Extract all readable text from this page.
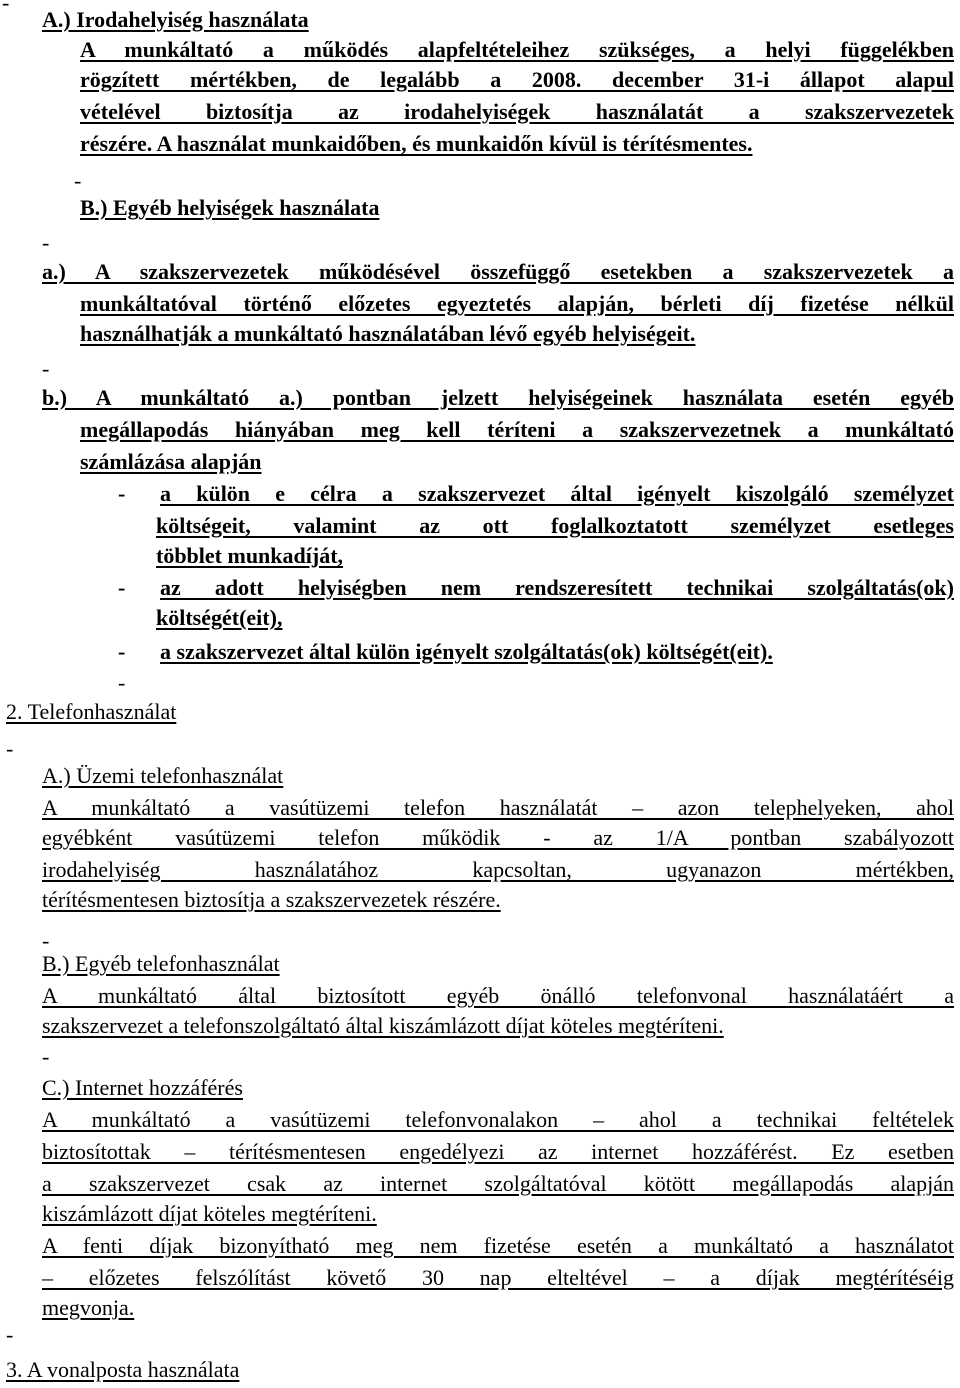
-
-
-
-
-
-
-
-
-
A.) Irodahelyiség használata
A munkáltató a működés alapfeltételeihez szükséges, a helyi függelékben
rögzített mértékben, de legalább a 2008. december 31-i állapot alapul
vételével biztosítja az irodahelyiségek használatát a szakszervezetek
részére. A használat munkaidőben, és munkaidőn kívül is térítésmentes.
B.) Egyéb helyiségek használata
a.) A szakszervezetek működésével összefüggő esetekben a szakszervezetek a
munkáltatóval történő előzetes egyeztetés alapján, bérleti díj fizetése nélkül
használhatják a munkáltató használatában lévő egyéb helyiségeit.
b.) A munkáltató a.) pontban jelzett helyiségeinek használata esetén egyéb
megállapodás hiányában meg kell téríteni a szakszervezetnek a munkáltató
számlázása alapján
- a külön e célra a szakszervezet által igényelt kiszolgáló személyzet
költségeit, valamint az ott foglalkoztatott személyzet esetleges
többlet munkadíját,
- az adott helyiségben nem rendszeresített technikai szolgáltatás(ok)
költségét(eit),
- a szakszervezet által külön igényelt szolgáltatás(ok) költségét(eit).
2. Telefonhasználat
A.) Üzemi telefonhasználat
A munkáltató a vasútüzemi telefon használatát – azon telephelyeken, ahol
egyébként vasútüzemi telefon működik - az 1/A pontban szabályozott
irodahelyiség használatához kapcsoltan, ugyanazon mértékben,
térítésmentesen biztosítja a szakszervezetek részére.
B.) Egyéb telefonhasználat
A munkáltató által biztosított egyéb önálló telefonvonal használatáért a
szakszervezet a telefonszolgáltató által kiszámlázott díjat köteles megtéríteni.
C.) Internet hozzáférés
A munkáltató a vasútüzemi telefonvonalakon – ahol a technikai feltételek
biztosítottak – térítésmentesen engedélyezi az internet hozzáférést. Ez esetben
a szakszervezet csak az internet szolgáltatóval kötött megállapodás alapján
kiszámlázott díjat köteles megtéríteni.
A fenti díjak bizonyítható meg nem fizetése esetén a munkáltató a használatot
– előzetes felszólítást követő 30 nap elteltével – a díjak megtérítéséig
megvonja.
3. A vonalposta használata
